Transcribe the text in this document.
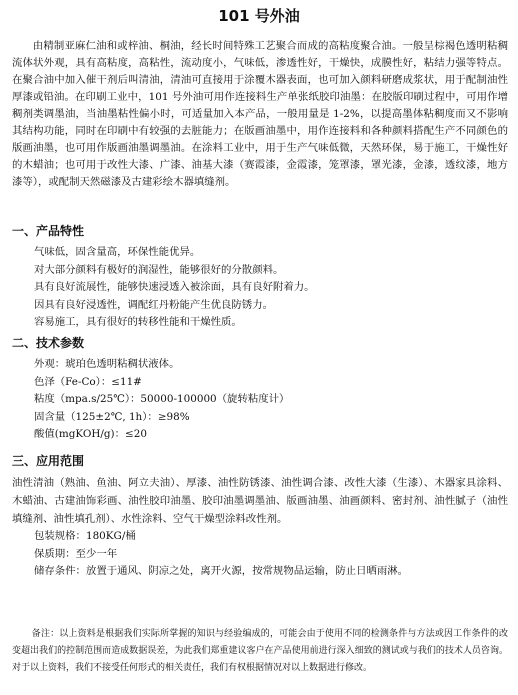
101 号外油

由精制亚麻仁油和或梓油、桐油，经长时间特殊工艺聚合而成的高粘度聚合油。一般呈棕褐色透明粘稠流体状外观，具有高粘度，高粘性，流动度小，气味低，渗透性好，干燥快，成膜性好，粘结力强等特点。在聚合油中加入催干剂后叫清油，清油可直接用于涂覆木器表面，也可加入颜料研磨成浆状，用于配制油性厚漆或铅油。在印刷工业中，101 号外油可用作连接料生产单张纸胶印油墨：在胶版印刷过程中，可用作增稠剂类调墨油，当油墨粘性偏小时，可适量加入本产品，一般用量是 1-2%，以提高墨体粘稠度而又不影响其结构功能，同时在印刷中有较强的去脏能力；在版画油墨中，用作连接料和各种颜料搭配生产不同颜色的版画油墨，也可用作版画油墨调墨油。在涂料工业中，用于生产气味低微，天然环保，易于施工，干燥性好的木蜡油；也可用于改性大漆、广漆、油基大漆（赛霞漆，金霞漆，笼罩漆，罩光漆，金漆，透纹漆，地方漆等），或配制天然磁漆及古建彩绘木器填缝剂。

一、产品特性

气味低，固含量高，环保性能优异。

对大部分颜料有极好的润湿性，能够很好的分散颜料。

具有良好流展性，能够快速浸透入被涂面，具有良好附着力。

因具有良好浸透性，调配红丹粉能产生优良防锈力。

容易施工，具有很好的转移性能和干燥性质。

二、技术参数

外观：琥珀色透明粘稠状液体。

色泽（Fe-Co）：≤11#

粘度（mpa.s/25℃）：50000-100000（旋转粘度计）

固含量（125±2℃, 1h）：≥98%

酸值(mgKOH/g)：≤20

三、应用范围

油性清油（熟油、鱼油、阿立夫油）、厚漆、油性防锈漆、油性调合漆、改性大漆（生漆）、木器家具涂料、木蜡油、古建油饰彩画、油性胶印油墨、胶印油墨调墨油、版画油墨、油画颜料、密封剂、油性腻子（油性填缝剂、油性填孔剂）、水性涂料、空气干燥型涂料改性剂。

包装规格：180KG/桶

保质期：至少一年

储存条件：放置于通风、阴凉之处，离开火源，按常规物品运输，防止日晒雨淋。

备注：以上资料是根据我们实际所掌握的知识与经验编成的，可能会由于使用不同的检测条件与方法或因工作条件的改变超出我们的控制范围而造成数据误差，为此我们郑重建议客户在产品使用前进行深入细致的测试或与我们的技术人员咨询。对于以上资料，我们不接受任何形式的相关责任，我们有权根据情况对以上数据进行修改。
